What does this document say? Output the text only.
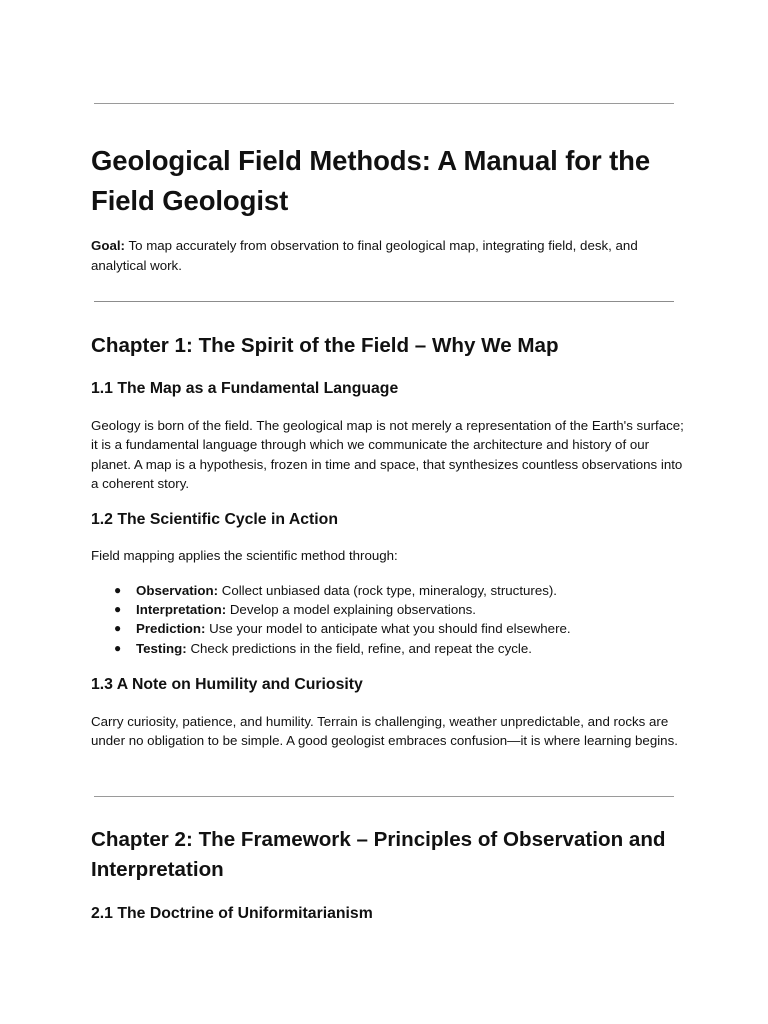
Geological Field Methods: A Manual for the Field Geologist

Goal: To map accurately from observation to final geological map, integrating field, desk, and analytical work.

Chapter 1: The Spirit of the Field – Why We Map
1.1 The Map as a Fundamental Language

Geology is born of the field. The geological map is not merely a representation of the Earth's surface; it is a fundamental language through which we communicate the architecture and history of our planet. A map is a hypothesis, frozen in time and space, that synthesizes countless observations into a coherent story.

1.2 The Scientific Cycle in Action

Field mapping applies the scientific method through:

● Observation: Collect unbiased data (rock type, mineralogy, structures).
● Interpretation: Develop a model explaining observations.
● Prediction: Use your model to anticipate what you should find elsewhere.
● Testing: Check predictions in the field, refine, and repeat the cycle.
1.3 A Note on Humility and Curiosity

Carry curiosity, patience, and humility. Terrain is challenging, weather unpredictable, and rocks are under no obligation to be simple. A good geologist embraces confusion—it is where learning begins.

Chapter 2: The Framework – Principles of Observation and Interpretation
2.1 The Doctrine of Uniformitarianism
